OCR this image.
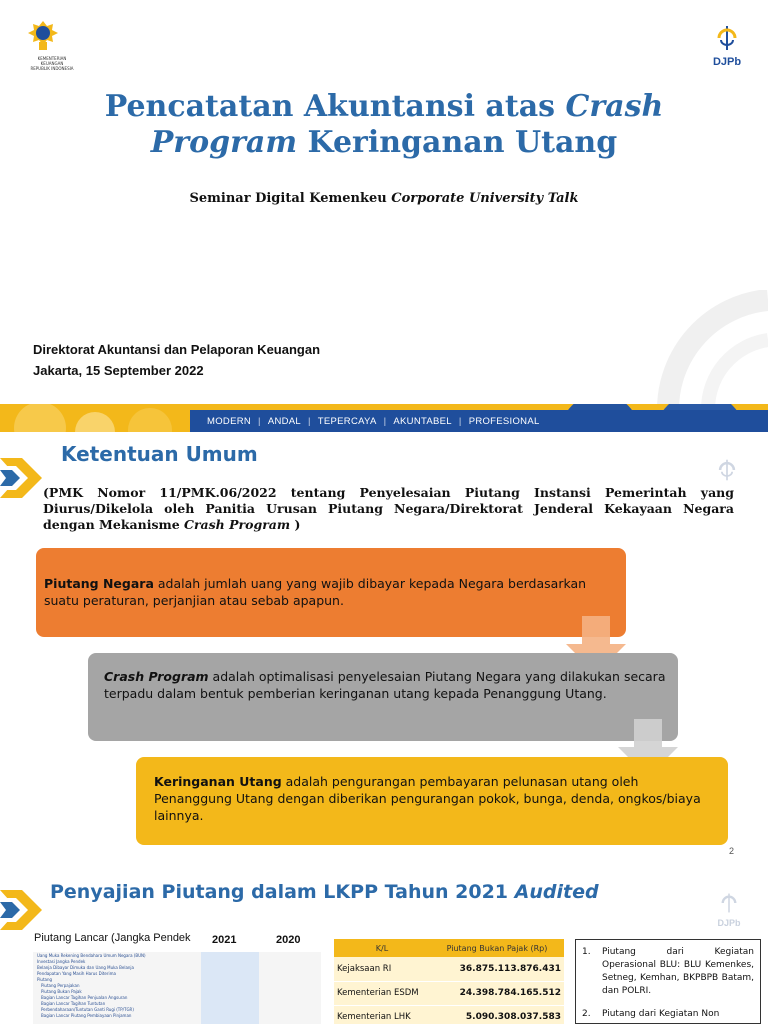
KEMENTERIAN KEUANGAN
REPUBLIK INDONESIA
DJPb
Pencatatan Akuntansi atas Crash Program Keringanan Utang
Seminar Digital Kemenkeu Corporate University Talk
Direktorat Akuntansi dan Pelaporan Keuangan
Jakarta, 15 September 2022
MODERN | ANDAL | TEPERCAYA | AKUNTABEL | PROFESIONAL
Ketentuan Umum

(PMK Nomor 11/PMK.06/2022 tentang Penyelesaian Piutang Instansi Pemerintah yang Diurus/Dikelola oleh Panitia Urusan Piutang Negara/Direktorat Jenderal Kekayaan Negara dengan Mekanisme Crash Program )

Piutang Negara adalah jumlah uang yang wajib dibayar kepada Negara berdasarkan suatu peraturan, perjanjian atau sebab apapun.
Crash Program adalah optimalisasi penyelesaian Piutang Negara yang dilakukan secara terpadu dalam bentuk pemberian keringanan utang kepada Penanggung Utang.
Keringanan Utang adalah pengurangan pembayaran pelunasan utang oleh Penanggung Utang dengan diberikan pengurangan pokok, bunga, denda, ongkos/biaya lainnya.
2
Penyajian Piutang dalam LKPP Tahun 2021 Audited
DJPb
Piutang Lancar (Jangka Pendek 2021	2020
Uang Muka Rekening Bendahara Umum Negara (BUN)
Investasi Jangka Pendek
Belanja Dibayar Dimuka dan Uang Muka Belanja
Pendapatan Yang Masih Harus Diterima
Piutang
Piutang Perpajakan
Piutang Bukan Pajak
Bagian Lancar Tagihan Penjualan Angsuran
Bagian Lancar Tagihan Tuntutan
Perbendaharaan/Tuntutan Ganti Rugi (TP/TGR)
Bagian Lancar Piutang Pembiayaan Pinjaman
K/L	Piutang Bukan Pajak (Rp)
Kejaksaan RI	36.875.113.876.431
Kementerian ESDM	24.398.784.165.512
Kementerian LHK	5.090.308.037.583
1.	Piutang dari Kegiatan Operasional BLU: BLU Kemenkes, Setneg, Kemhan, BKPBPB Batam, dan POLRI.
2.	Piutang dari Kegiatan Non
